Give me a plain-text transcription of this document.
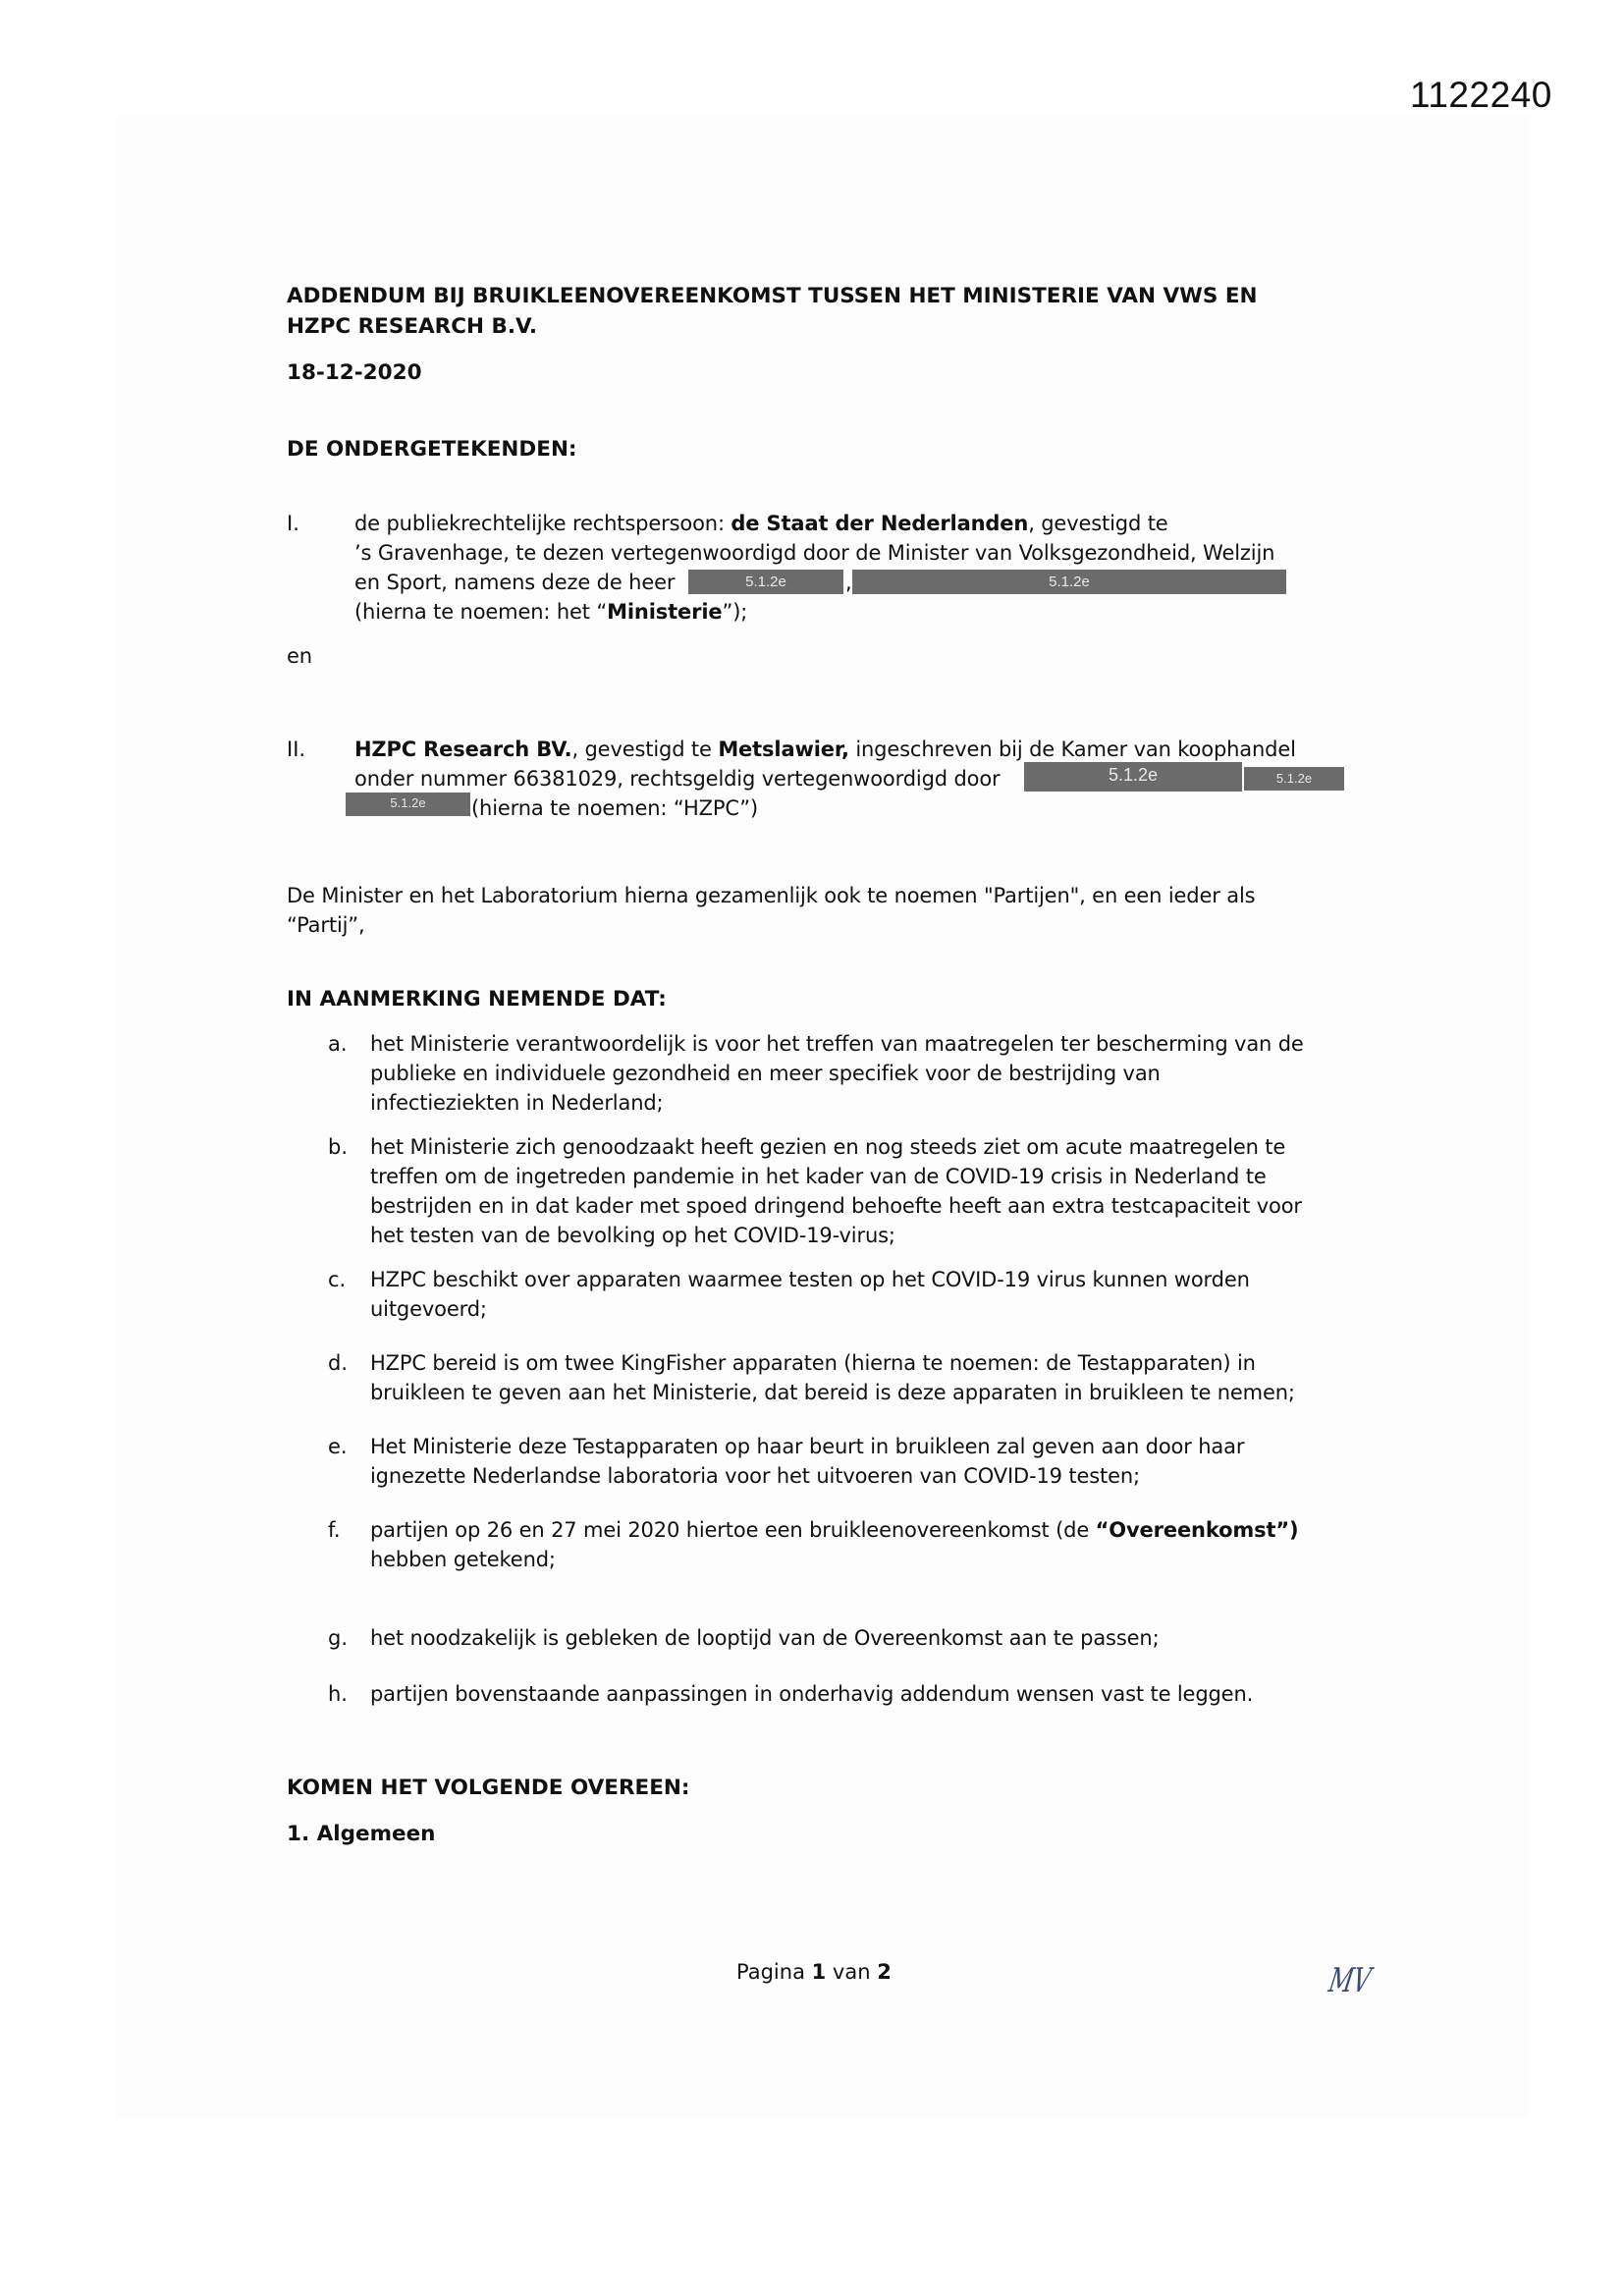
1122240
ADDENDUM BIJ BRUIKLEENOVEREENKOMST TUSSEN HET MINISTERIE VAN VWS EN
HZPC RESEARCH B.V.
18-12-2020
DE ONDERGETEKENDEN:
I.	de publiekrechtelijke rechtspersoon: de Staat der Nederlanden, gevestigd te
’s Gravenhage, te dezen vertegenwoordigd door de Minister van Volksgezondheid, Welzijn
en Sport, namens deze de heer	5.1.2e	,	5.1.2e
(hierna te noemen: het “Ministerie”);
en
II. HZPC Research BV., gevestigd te Metslawier, ingeschreven bij de Kamer van koophandel
onder nummer 66381029, rechtsgeldig vertegenwoordigd door	5.1.2e	5.1.2e
5.1.2e	(hierna te noemen: “HZPC”)
De Minister en het Laboratorium hierna gezamenlijk ook te noemen "Partijen", en een ieder als
“Partij”,
IN AANMERKING NEMENDE DAT:
a. het Ministerie verantwoordelijk is voor het treffen van maatregelen ter bescherming van de
publieke en individuele gezondheid en meer specifiek voor de bestrijding van
infectieziekten in Nederland;
b. het Ministerie zich genoodzaakt heeft gezien en nog steeds ziet om acute maatregelen te
treffen om de ingetreden pandemie in het kader van de COVID-19 crisis in Nederland te
bestrijden en in dat kader met spoed dringend behoefte heeft aan extra testcapaciteit voor
het testen van de bevolking op het COVID-19-virus;
c. HZPC beschikt over apparaten waarmee testen op het COVID-19 virus kunnen worden
uitgevoerd;
d. HZPC bereid is om twee KingFisher apparaten (hierna te noemen: de Testapparaten) in
bruikleen te geven aan het Ministerie, dat bereid is deze apparaten in bruikleen te nemen;
e. Het Ministerie deze Testapparaten op haar beurt in bruikleen zal geven aan door haar
ignezette Nederlandse laboratoria voor het uitvoeren van COVID-19 testen;
f. partijen op 26 en 27 mei 2020 hiertoe een bruikleenovereenkomst (de “Overeenkomst”)
hebben getekend;
g. het noodzakelijk is gebleken de looptijd van de Overeenkomst aan te passen;
h. partijen bovenstaande aanpassingen in onderhavig addendum wensen vast te leggen.
KOMEN HET VOLGENDE OVEREEN:
1. Algemeen
Pagina 1 van 2	MV
